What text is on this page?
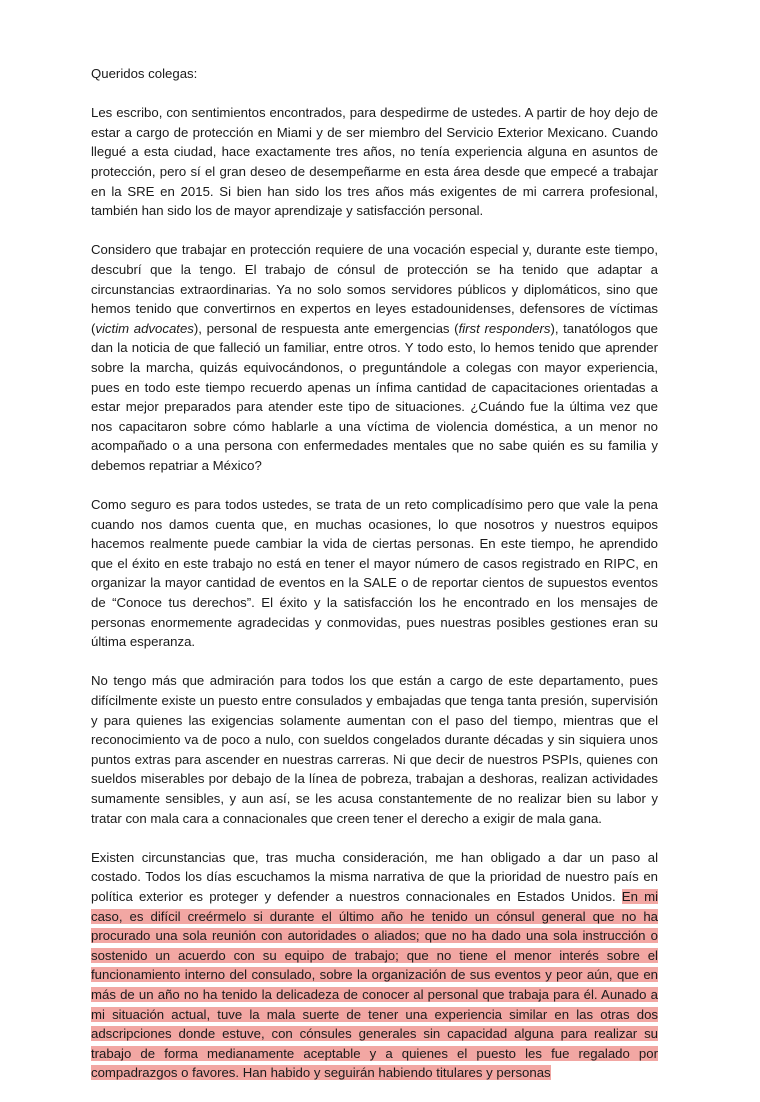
Queridos colegas:

Les escribo, con sentimientos encontrados, para despedirme de ustedes. A partir de hoy dejo de estar a cargo de protección en Miami y de ser miembro del Servicio Exterior Mexicano. Cuando llegué a esta ciudad, hace exactamente tres años, no tenía experiencia alguna en asuntos de protección, pero sí el gran deseo de desempeñarme en esta área desde que empecé a trabajar en la SRE en 2015. Si bien han sido los tres años más exigentes de mi carrera profesional, también han sido los de mayor aprendizaje y satisfacción personal.

Considero que trabajar en protección requiere de una vocación especial y, durante este tiempo, descubrí que la tengo. El trabajo de cónsul de protección se ha tenido que adaptar a circunstancias extraordinarias. Ya no solo somos servidores públicos y diplomáticos, sino que hemos tenido que convertirnos en expertos en leyes estadounidenses, defensores de víctimas (victim advocates), personal de respuesta ante emergencias (first responders), tanatólogos que dan la noticia de que falleció un familiar, entre otros. Y todo esto, lo hemos tenido que aprender sobre la marcha, quizás equivocándonos, o preguntándole a colegas con mayor experiencia, pues en todo este tiempo recuerdo apenas un ínfima cantidad de capacitaciones orientadas a estar mejor preparados para atender este tipo de situaciones. ¿Cuándo fue la última vez que nos capacitaron sobre cómo hablarle a una víctima de violencia doméstica, a un menor no acompañado o a una persona con enfermedades mentales que no sabe quién es su familia y debemos repatriar a México?

Como seguro es para todos ustedes, se trata de un reto complicadísimo pero que vale la pena cuando nos damos cuenta que, en muchas ocasiones, lo que nosotros y nuestros equipos hacemos realmente puede cambiar la vida de ciertas personas. En este tiempo, he aprendido que el éxito en este trabajo no está en tener el mayor número de casos registrado en RIPC, en organizar la mayor cantidad de eventos en la SALE o de reportar cientos de supuestos eventos de “Conoce tus derechos”. El éxito y la satisfacción los he encontrado en los mensajes de personas enormemente agradecidas y conmovidas, pues nuestras posibles gestiones eran su última esperanza.

No tengo más que admiración para todos los que están a cargo de este departamento, pues difícilmente existe un puesto entre consulados y embajadas que tenga tanta presión, supervisión y para quienes las exigencias solamente aumentan con el paso del tiempo, mientras que el reconocimiento va de poco a nulo, con sueldos congelados durante décadas y sin siquiera unos puntos extras para ascender en nuestras carreras. Ni que decir de nuestros PSPIs, quienes con sueldos miserables por debajo de la línea de pobreza, trabajan a deshoras, realizan actividades sumamente sensibles, y aun así, se les acusa constantemente de no realizar bien su labor y tratar con mala cara a connacionales que creen tener el derecho a exigir de mala gana.

Existen circunstancias que, tras mucha consideración, me han obligado a dar un paso al costado. Todos los días escuchamos la misma narrativa de que la prioridad de nuestro país en política exterior es proteger y defender a nuestros connacionales en Estados Unidos. En mi caso, es difícil creérmelo si durante el último año he tenido un cónsul general que no ha procurado una sola reunión con autoridades o aliados; que no ha dado una sola instrucción o sostenido un acuerdo con su equipo de trabajo; que no tiene el menor interés sobre el funcionamiento interno del consulado, sobre la organización de sus eventos y peor aún, que en más de un año no ha tenido la delicadeza de conocer al personal que trabaja para él. Aunado a mi situación actual, tuve la mala suerte de tener una experiencia similar en las otras dos adscripciones donde estuve, con cónsules generales sin capacidad alguna para realizar su trabajo de forma medianamente aceptable y a quienes el puesto les fue regalado por compadrazgos o favores. Han habido y seguirán habiendo titulares y personas
